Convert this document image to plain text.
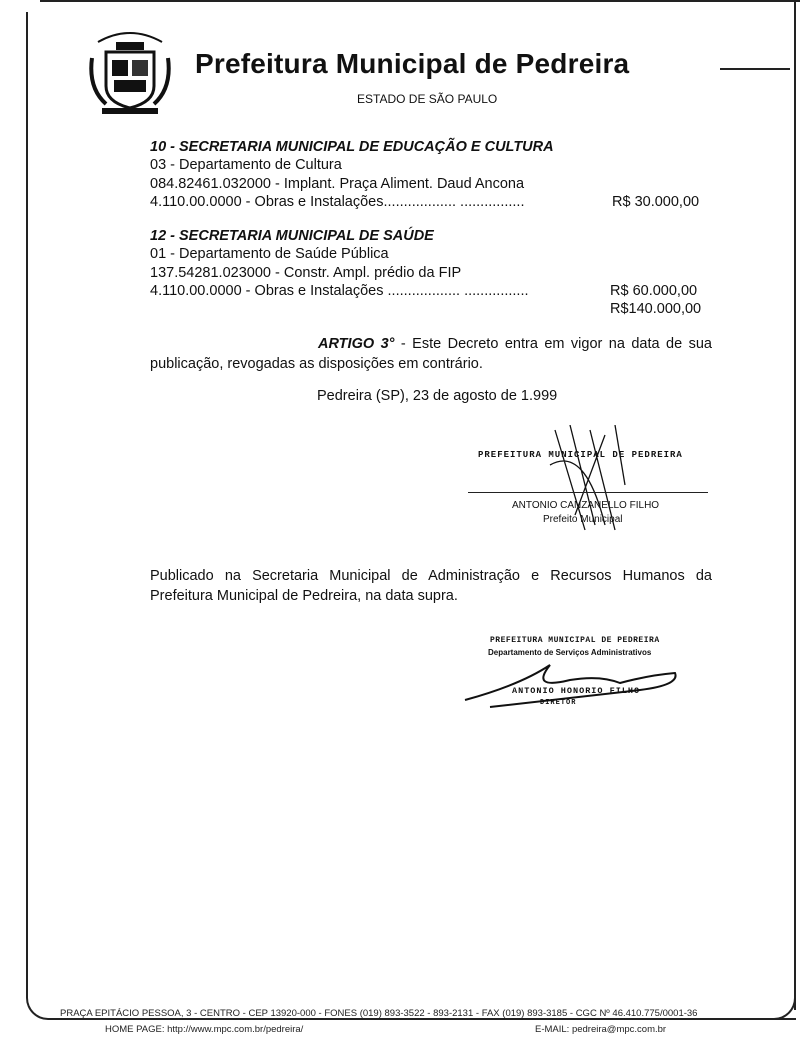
Prefeitura Municipal de Pedreira
ESTADO DE SÃO PAULO
10 - SECRETARIA MUNICIPAL DE EDUCAÇÃO E CULTURA
03 - Departamento de Cultura
084.82461.032000 - Implant. Praça Aliment. Daud Ancona
4.110.00.0000 - Obras e Instalações.................. ................	R$ 30.000,00
12 - SECRETARIA MUNICIPAL DE SAÚDE
01 - Departamento de Saúde Pública
137.54281.023000 - Constr. Ampl. prédio da FIP
4.110.00.0000 - Obras e Instalações .................. ................	R$ 60.000,00
R$140.000,00
ARTIGO 3° - Este Decreto entra em vigor na data de sua publicação, revogadas as disposições em contrário.
Pedreira (SP), 23 de agosto de 1.999
PREFEITURA MUNICIPAL DE PEDREIRA
ANTONIO CANZANELLO FILHO
Prefeito Municipal
Publicado na Secretaria Municipal de Administração e Recursos Humanos da Prefeitura Municipal de Pedreira, na data supra.
PREFEITURA MUNICIPAL DE PEDREIRA
Departamento de Serviços Administrativos
ANTONIO HONORIO FILHO
DIRETOR
PRAÇA EPITÁCIO PESSOA, 3 - CENTRO - CEP 13920-000 - FONES (019) 893-3522 - 893-2131 - FAX (019) 893-3185 - CGC Nº 46.410.775/0001-36
HOME PAGE: http://www.mpc.com.br/pedreira/	E-MAIL: pedreira@mpc.com.br
